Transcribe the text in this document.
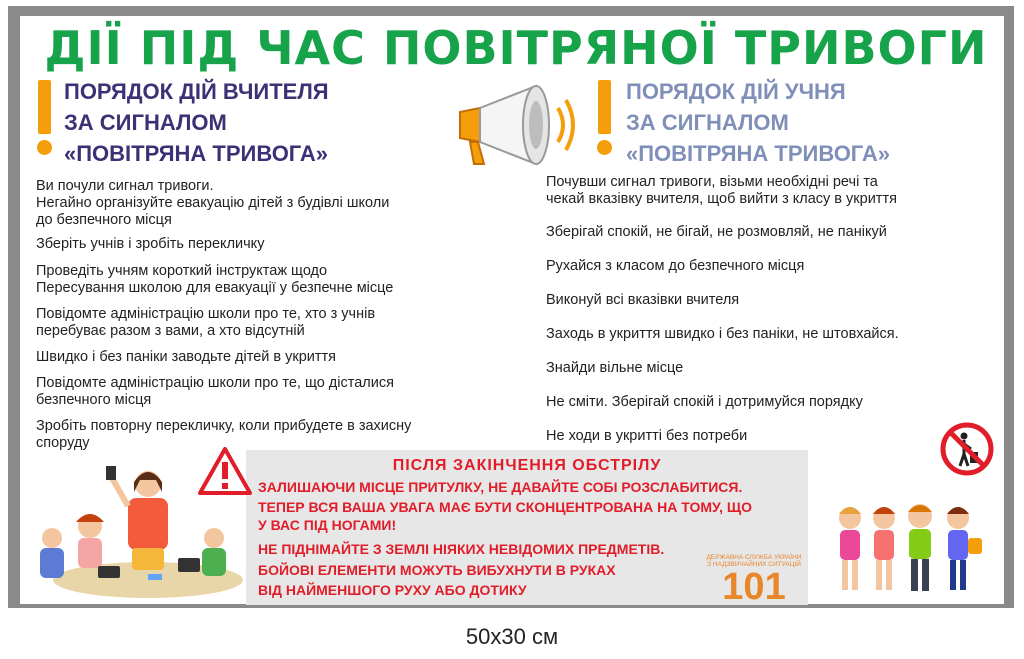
ДІЇ ПІД ЧАС ПОВІТРЯНОЇ ТРИВОГИ
ПОРЯДОК ДІЙ ВЧИТЕЛЯ
ЗА СИГНАЛОМ
«ПОВІТРЯНА ТРИВОГА»
ПОРЯДОК ДІЙ УЧНЯ
ЗА СИГНАЛОМ
«ПОВІТРЯНА ТРИВОГА»
Ви почули сигнал тривоги.
Негайно організуйте евакуацію дітей з будівлі школи
до безпечного місця
Зберіть учнів і зробіть перекличку
Проведіть учням короткий інструктаж щодо
Пересування школою для евакуації у безпечне місце
Повідомте адміністрацію школи про те, хто з учнів
перебуває разом з вами, а хто відсутній
Швидко і без паніки заводьте дітей в укриття
Повідомте адміністрацію школи про те, що дісталися
безпечного місця
Зробіть повторну перекличку, коли прибудете в захисну
споруду
Почувши сигнал тривоги, візьми необхідні речі та
чекай вказівку вчителя, щоб вийти з класу в укриття
Зберігай спокій, не бігай, не розмовляй, не панікуй
Рухайся з класом до безпечного місця
Виконуй всі вказівки вчителя
Заходь в укриття швидко і без паніки, не штовхайся.
Знайди вільне місце
Не сміти. Зберігай спокій і дотримуйся порядку
Не ходи в укритті без потреби
ПІСЛЯ ЗАКІНЧЕННЯ ОБСТРІЛУ
ЗАЛИШАЮЧИ МІСЦЕ ПРИТУЛКУ, НЕ ДАВАЙТЕ СОБІ РОЗСЛАБИТИСЯ.
ТЕПЕР ВСЯ ВАША УВАГА МАЄ БУТИ СКОНЦЕНТРОВАНА НА ТОМУ, ЩО
У ВАС ПІД НОГАМИ!
НЕ ПІДНІМАЙТЕ З ЗЕМЛІ НІЯКИХ НЕВІДОМИХ ПРЕДМЕТІВ.
БОЙОВІ ЕЛЕМЕНТИ МОЖУТЬ ВИБУХНУТИ В РУКАХ
ВІД НАЙМЕНШОГО РУХУ АБО ДОТИКУ
ДЕРЖАВНА СЛУЖБА УКРАЇНИ З НАДЗВИЧАЙНИХ СИТУАЦІЙ
101
50x30 см
